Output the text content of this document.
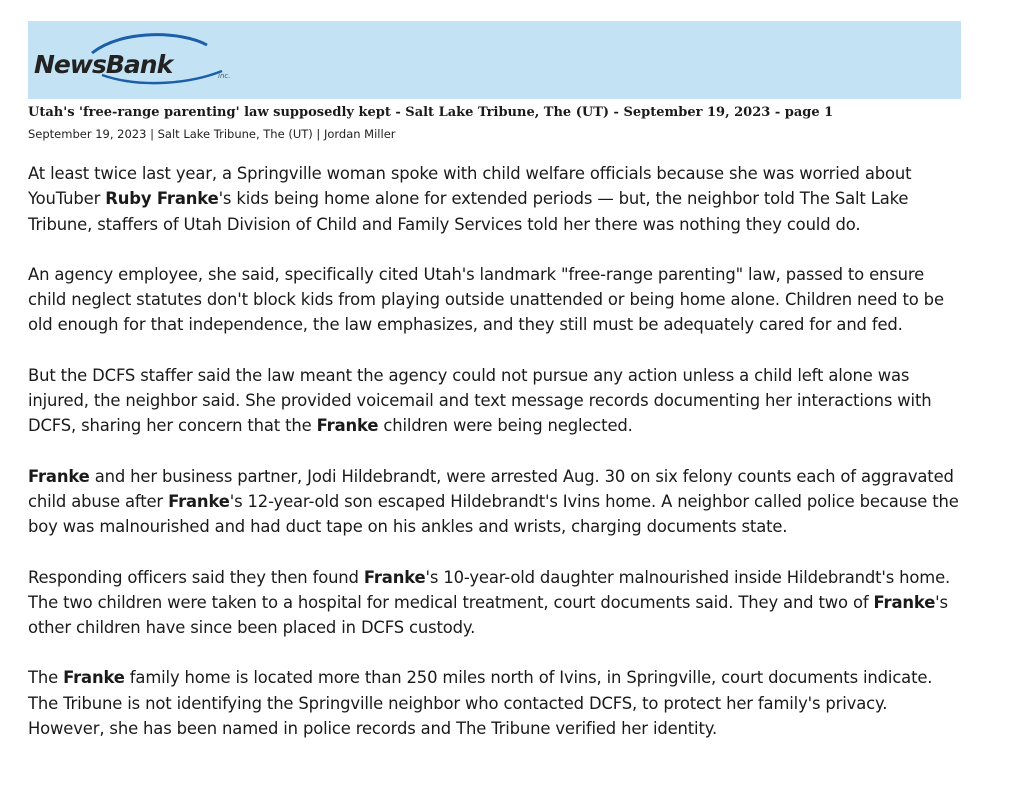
NewsBank	inc.
Utah's 'free-range parenting' law supposedly kept - Salt Lake Tribune, The (UT) - September 19, 2023 - page 1
September 19, 2023 | Salt Lake Tribune, The (UT) | Jordan Miller

At least twice last year, a Springville woman spoke with child welfare officials because she was worried about YouTuber Ruby Franke's kids being home alone for extended periods — but, the neighbor told The Salt Lake Tribune, staffers of Utah Division of Child and Family Services told her there was nothing they could do.

An agency employee, she said, specifically cited Utah's landmark "free-range parenting" law, passed to ensure child neglect statutes don't block kids from playing outside unattended or being home alone. Children need to be old enough for that independence, the law emphasizes, and they still must be adequately cared for and fed.

But the DCFS staffer said the law meant the agency could not pursue any action unless a child left alone was injured, the neighbor said. She provided voicemail and text message records documenting her interactions with DCFS, sharing her concern that the Franke children were being neglected.

Franke and her business partner, Jodi Hildebrandt, were arrested Aug. 30 on six felony counts each of aggravated child abuse after Franke's 12-year-old son escaped Hildebrandt's Ivins home. A neighbor called police because the boy was malnourished and had duct tape on his ankles and wrists, charging documents state.

Responding officers said they then found Franke's 10-year-old daughter malnourished inside Hildebrandt's home. The two children were taken to a hospital for medical treatment, court documents said. They and two of Franke's other children have since been placed in DCFS custody.

The Franke family home is located more than 250 miles north of Ivins, in Springville, court documents indicate. The Tribune is not identifying the Springville neighbor who contacted DCFS, to protect her family's privacy. However, she has been named in police records and The Tribune verified her identity.
